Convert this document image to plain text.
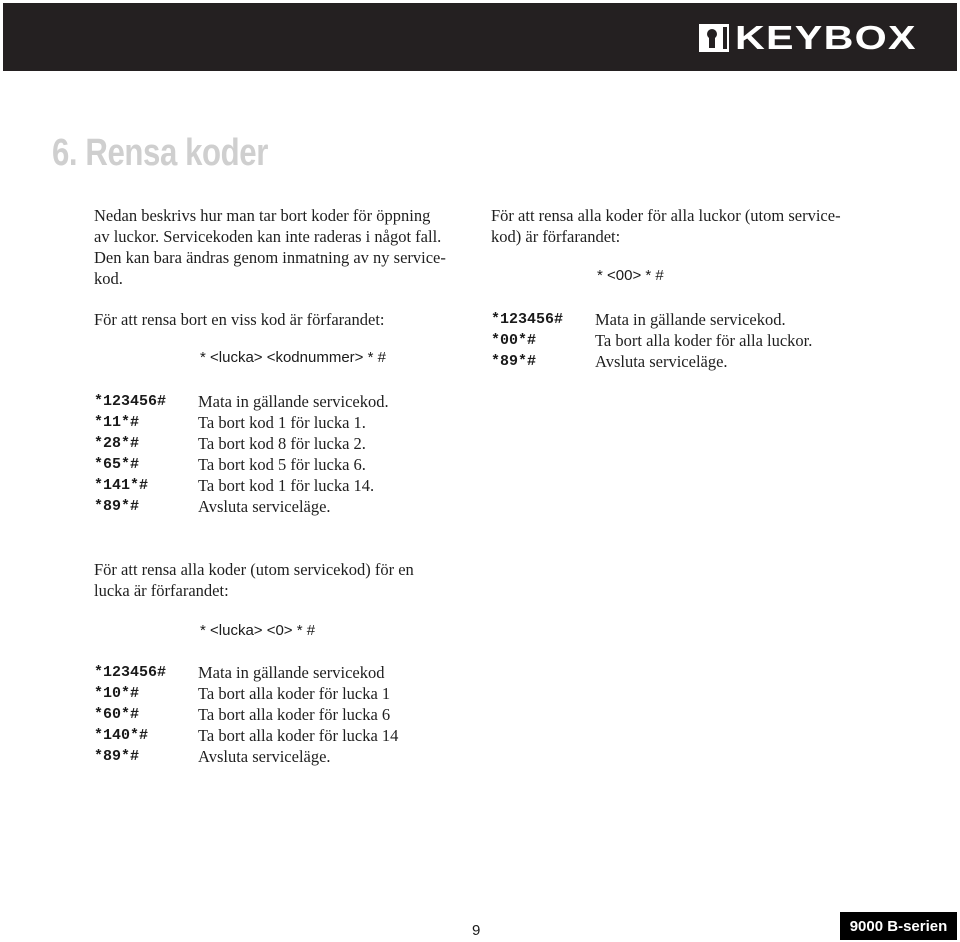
KEYBOX
6. Rensa koder
Nedan beskrivs hur man tar bort koder för öppning
av luckor. Servicekoden kan inte raderas i något fall.
Den kan bara ändras genom inmatning av ny service-
kod.
För att rensa bort en viss kod är förfarandet:
* <lucka> <kodnummer> * #
*123456#	Mata in gällande servicekod.
*11*#	Ta bort kod 1 för lucka 1.
*28*#	Ta bort kod 8 för lucka 2.
*65*#	Ta bort kod 5 för lucka 6.
*141*#	Ta bort kod 1 för lucka 14.
*89*#	Avsluta serviceläge.
För att rensa alla koder (utom servicekod) för en
lucka är förfarandet:
* <lucka> <0> * #
*123456#	Mata in gällande servicekod
*10*#	Ta bort alla koder för lucka 1
*60*#	Ta bort alla koder för lucka 6
*140*#	Ta bort alla koder för lucka 14
*89*#	Avsluta serviceläge.
För att rensa alla koder för alla luckor (utom service-
kod) är förfarandet:
* <00> * #
*123456#	Mata in gällande servicekod.
*00*#	Ta bort alla koder för alla luckor.
*89*#	Avsluta serviceläge.
9	9000 B-serien
